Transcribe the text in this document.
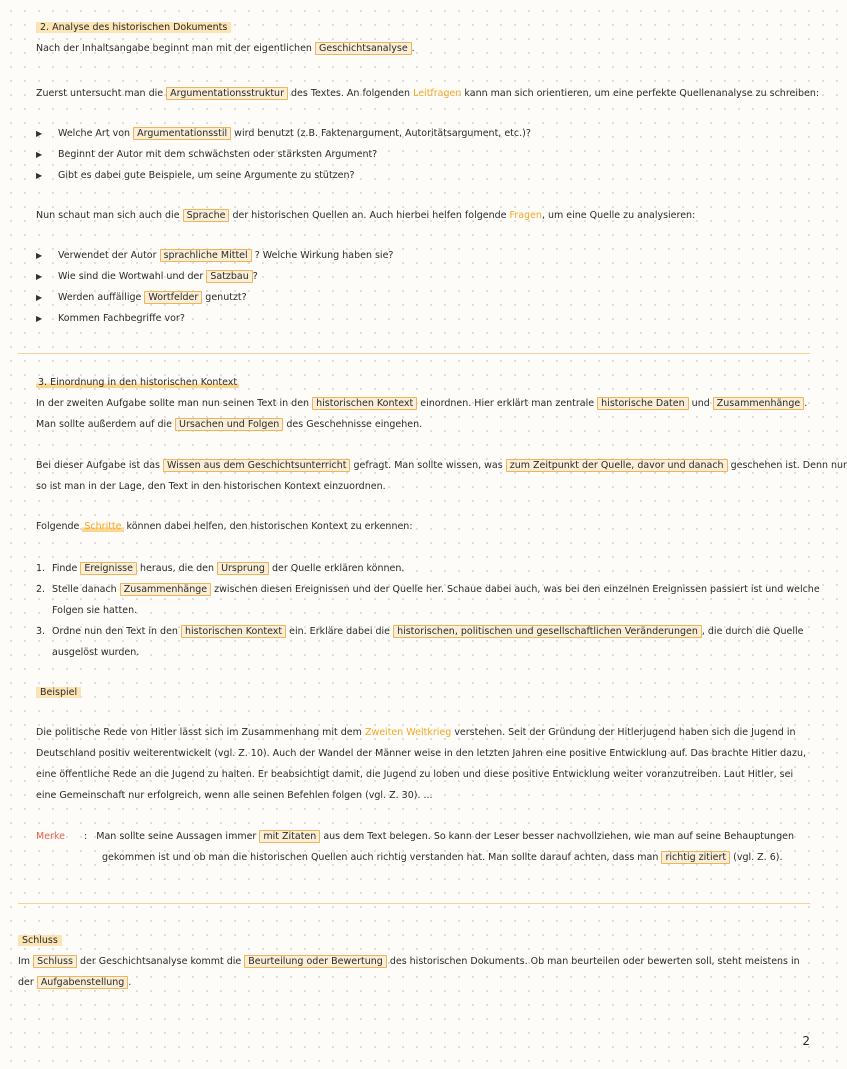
2. Analyse des historischen Dokuments
Nach der Inhaltsangabe beginnt man mit der eigentlichen Geschichtsanalyse .
Zuerst untersucht man die Argumentationsstruktur des Textes. An folgenden Leitfragen kann man sich orientieren, um eine perfekte Quellenanalyse zu schreiben:
▶ Welche Art von Argumentationsstil wird benutzt (z.B. Faktenargument, Autoritätsargument, etc.)?
▶ Beginnt der Autor mit dem schwächsten oder stärksten Argument?
▶ Gibt es dabei gute Beispiele, um seine Argumente zu stützen?
Nun schaut man sich auch die Sprache der historischen Quellen an. Auch hierbei helfen folgende Fragen, um eine Quelle zu analysieren:
▶ Verwendet der Autor sprachliche Mittel ? Welche Wirkung haben sie?
▶ Wie sind die Wortwahl und der Satzbau ?
▶ Werden auffällige Wortfelder genutzt?
▶ Kommen Fachbegriffe vor?
3. Einordnung in den historischen Kontext
In der zweiten Aufgabe sollte man nun seinen Text in den historischen Kontext einordnen. Hier erklärt man zentrale historische Daten und Zusammenhänge .
Man sollte außerdem auf die Ursachen und Folgen des Geschehnisse eingehen.
Bei dieser Aufgabe ist das Wissen aus dem Geschichtsunterricht gefragt. Man sollte wissen, was zum Zeitpunkt der Quelle, davor und danach geschehen ist. Denn nur
so ist man in der Lage, den Text in den historischen Kontext einzuordnen.
Folgende Schritte können dabei helfen, den historischen Kontext zu erkennen:
1. Finde Ereignisse heraus, die den Ursprung der Quelle erklären können.
2. Stelle danach Zusammenhänge zwischen diesen Ereignissen und der Quelle her. Schaue dabei auch, was bei den einzelnen Ereignissen passiert ist und welche
Folgen sie hatten.
3. Ordne nun den Text in den historischen Kontext ein. Erkläre dabei die historischen, politischen und gesellschaftlichen Veränderungen , die durch die Quelle
ausgelöst wurden.
Beispiel
Die politische Rede von Hitler lässt sich im Zusammenhang mit dem Zweiten Weltkrieg verstehen. Seit der Gründung der Hitlerjugend haben sich die Jugend in
Deutschland positiv weiterentwickelt (vgl. Z. 10). Auch der Wandel der Männer weise in den letzten Jahren eine positive Entwicklung auf. Das brachte Hitler dazu,
eine öffentliche Rede an die Jugend zu halten. Er beabsichtigt damit, die Jugend zu loben und diese positive Entwicklung weiter voranzutreiben. Laut Hitler, sei
eine Gemeinschaft nur erfolgreich, wenn alle seinen Befehlen folgen (vgl. Z. 30). ...
Merke : Man sollte seine Aussagen immer mit Zitaten aus dem Text belegen. So kann der Leser besser nachvollziehen, wie man auf seine Behauptungen
gekommen ist und ob man die historischen Quellen auch richtig verstanden hat. Man sollte darauf achten, dass man richtig zitiert (vgl. Z. 6).
Schluss
Im Schluss der Geschichtsanalyse kommt die Beurteilung oder Bewertung des historischen Dokuments. Ob man beurteilen oder bewerten soll, steht meistens in
der Aufgabenstellung .
2
